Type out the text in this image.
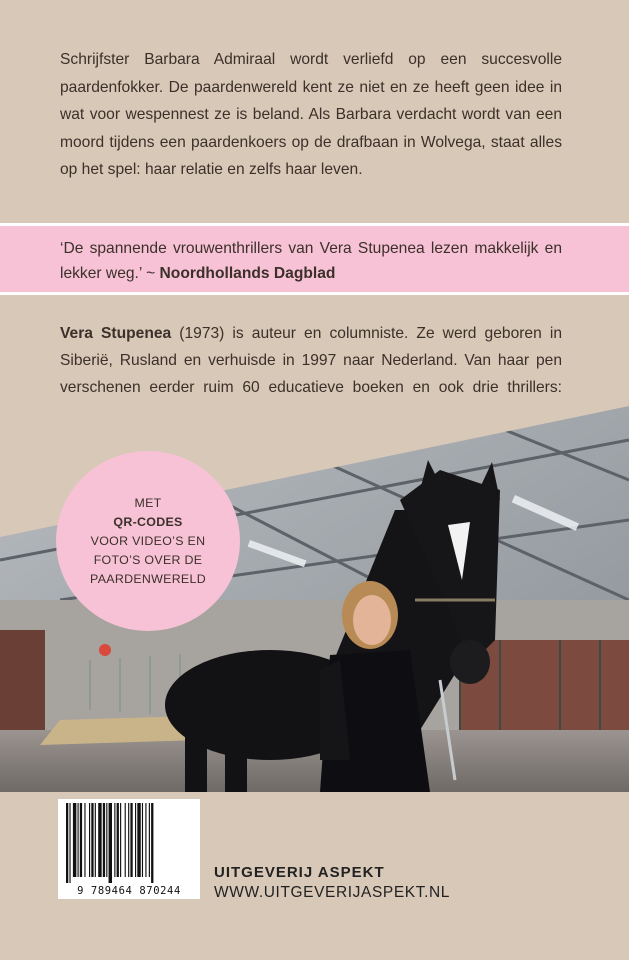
Schrijfster Barbara Admiraal wordt verliefd op een succesvolle paardenfokker. De paardenwereld kent ze niet en ze heeft geen idee in wat voor wespennest ze is beland. Als Barbara verdacht wordt van een moord tijdens een paardenkoers op de drafbaan in Wolvega, staat alles op het spel: haar relatie en zelfs haar leven.

‘De spannende vrouwenthrillers van Vera Stupenea lezen makkelijk en lekker weg.’ ~ Noordhollands Dagblad

Vera Stupenea (1973) is auteur en columniste. Ze werd geboren in Siberië, Rusland en verhuisde in 1997 naar Nederland. Van haar pen verschenen eerder ruim 60 educatieve boeken en ook drie thrillers:

MET
QR-CODES
VOOR VIDEO’S EN
FOTO’S OVER DE
PAARDENWERELD
9 789464 870244
UITGEVERIJ ASPEKT
WWW.UITGEVERIJASPEKT.NL
